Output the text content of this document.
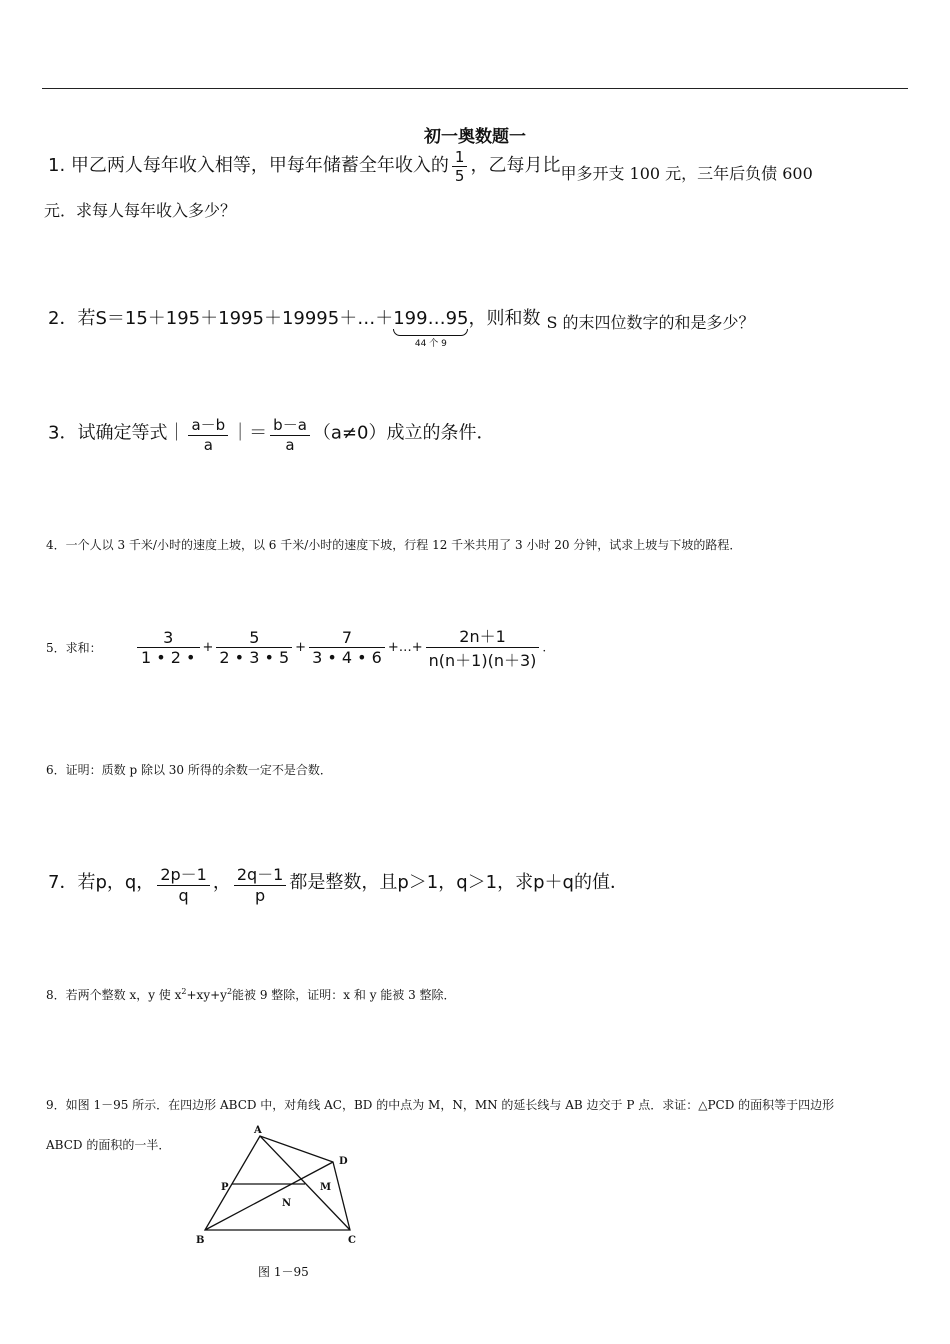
初一奥数题一
1. 甲乙两人每年收入相等，甲每年储蓄全年收入的 $\frac{1}{5}$ ，乙每月比甲多开支 100 元，三年后负债 600
元．求每人每年收入多少？
2．若S＝15＋195＋1995＋19995＋…＋199…95
44 个 9
，则和数 S 的末四位数字的和是多少？
3．试确定等式｜ $\frac{a-b}{a}$ ｜＝ $\frac{b-a}{a} (a\ne 0)$成立的条件．
4．一个人以 3 千米/小时的速度上坡，以 6 千米/小时的速度下坡，行程 12 千米共用了 3 小时 20 分钟，试求上坡与下坡的路程．
5．求和： $\frac{3}{1 • 2 •} + \frac{5}{2 • 3 • 5} + \frac{7}{3 • 4 • 6}$ +…+ $\frac{2n+1}{n(n+1)(n+3)}$ .
6．证明：质数 p 除以 30 所得的余数一定不是合数．
7．若p，q， $\frac{2p-1}{q}$ ， $\frac{2q-1}{p}$ 都是整数，且p＞1，q＞1，求p＋q的值．
8．若两个整数 x，y 使 $x^2+xy+y^2$能被 9 整除，证明：x 和 y 能被 3 整除．
9．如图 1－95 所示．在四边形 ABCD 中，对角线 AC，BD 的中点为 M，N，MN 的延长线与 AB 边交于 P 点．求证：△PCD 的面积等于四边形
ABCD 的面积的一半．
A
B	C
D
P	M
N
图 1－95
